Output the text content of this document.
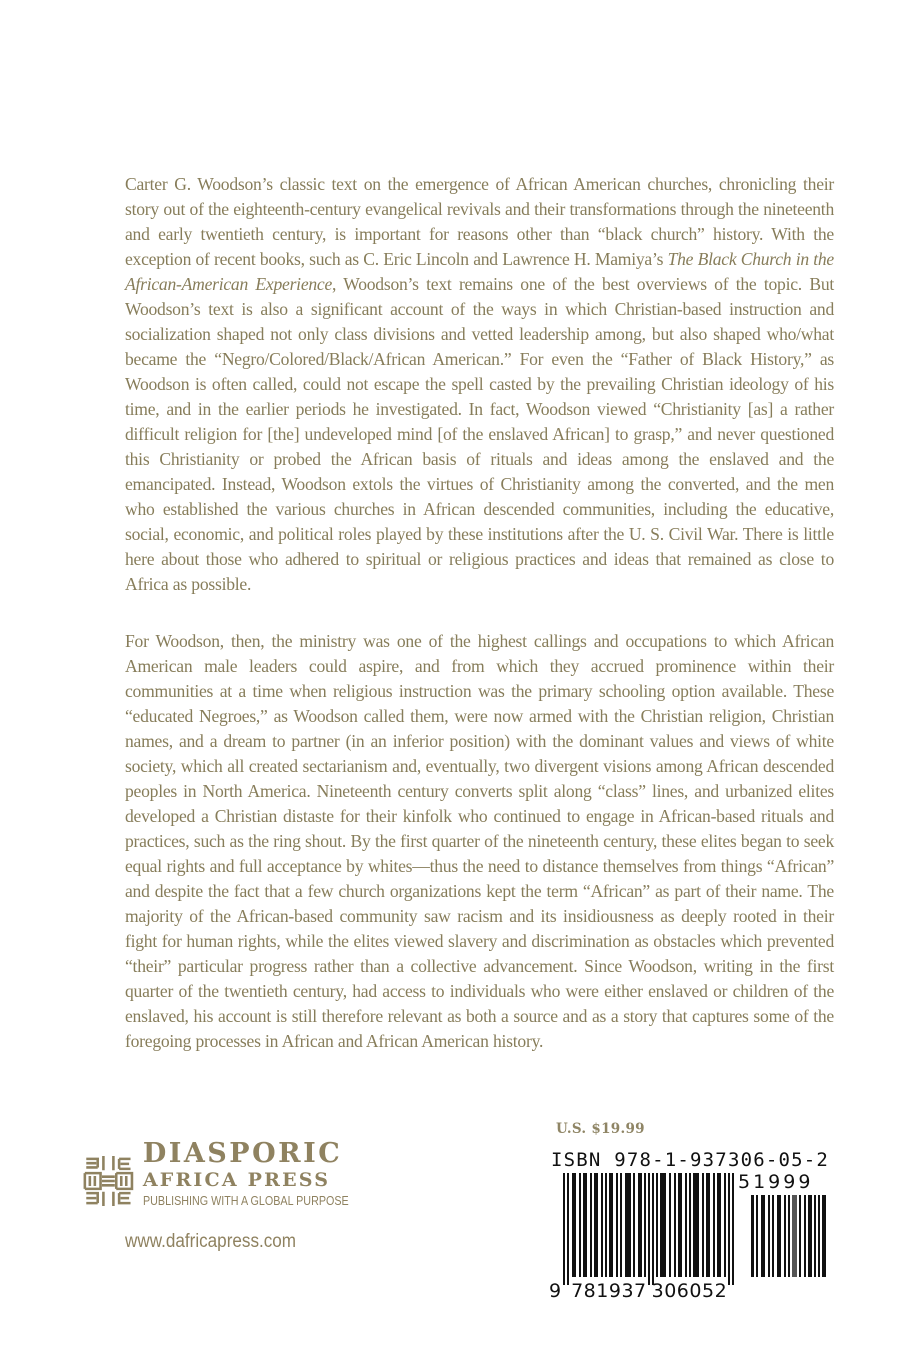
Carter G. Woodson’s classic text on the emergence of African American churches, chronicling their story out of the eighteenth-century evangelical revivals and their transformations through the nineteenth and early twentieth century, is important for reasons other than “black church” history. With the exception of recent books, such as C. Eric Lincoln and Lawrence H. Mamiya’s The Black Church in the African-American Experience, Woodson’s text remains one of the best overviews of the topic. But Woodson’s text is also a significant account of the ways in which Christian-based instruction and socialization shaped not only class divisions and vetted leadership among, but also shaped who/what became the “Negro/Colored/Black/African American.” For even the “Father of Black History,” as Woodson is often called, could not escape the spell casted by the prevailing Christian ideology of his time, and in the earlier periods he investigated. In fact, Woodson viewed “Christianity [as] a rather difficult religion for [the] undeveloped mind [of the enslaved African] to grasp,” and never questioned this Christianity or probed the African basis of rituals and ideas among the enslaved and the emancipated. Instead, Woodson extols the virtues of Christianity among the converted, and the men who established the various churches in African descended communities, including the educative, social, economic, and political roles played by these institutions after the U. S. Civil War. There is little here about those who adhered to spiritual or religious practices and ideas that remained as close to Africa as possible.

For Woodson, then, the ministry was one of the highest callings and occupations to which African American male leaders could aspire, and from which they accrued prominence within their communities at a time when religious instruction was the primary schooling option available. These “educated Negroes,” as Woodson called them, were now armed with the Christian religion, Christian names, and a dream to partner (in an inferior position) with the dominant values and views of white society, which all created sectarianism and, eventually, two divergent visions among African descended peoples in North America. Nineteenth century converts split along “class” lines, and urbanized elites developed a Christian distaste for their kinfolk who continued to engage in African-based rituals and practices, such as the ring shout. By the first quarter of the nineteenth century, these elites began to seek equal rights and full acceptance by whites—thus the need to distance themselves from things “African” and despite the fact that a few church organizations kept the term “African” as part of their name. The majority of the African-based community saw racism and its insidiousness as deeply rooted in their fight for human rights, while the elites viewed slavery and discrimination as obstacles which prevented “their” particular progress rather than a collective advancement. Since Woodson, writing in the first quarter of the twentieth century, had access to individuals who were either enslaved or children of the enslaved, his account is still therefore relevant as both a source and as a story that captures some of the foregoing processes in African and African American history.

DIASPORIC
AFRICA PRESS
PUBLISHING WITH A GLOBAL PURPOSE
www.dafricapress.com
U.S. $19.99
ISBN 978-1-937306-05-2
51999
9 781937 306052
